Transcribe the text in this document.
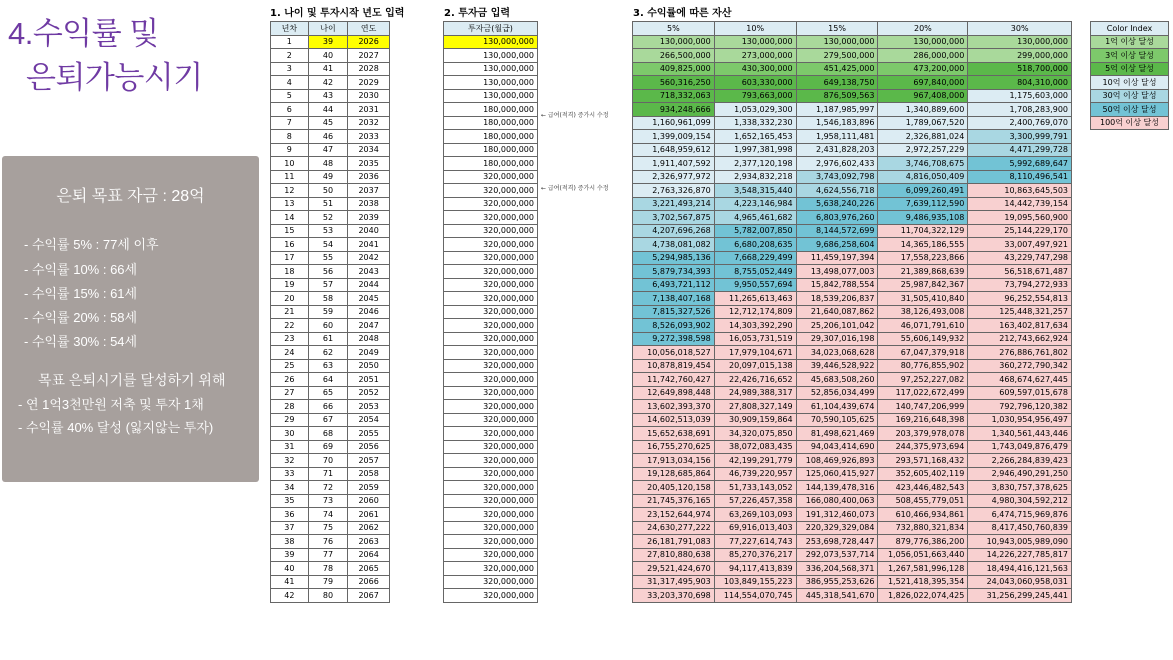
4.수익률 및

은퇴가능시기
은퇴 목표 자금 : 28억
- 수익률 5% : 77세 이후
- 수익률 10% : 66세
- 수익률 15% : 61세
- 수익률 20% : 58세
- 수익률 30% : 54세
목표 은퇴시기를 달성하기 위해
- 연 1억3천만원 저축 및 투자 1채
- 수익률 40% 달성 (잃지않는 투자)
1. 나이 및 투자시작 년도 입력	2. 투자금 입력	3. 수익률에 따른 자산
년차	나이	연도
1	39	2026
2	40	2027
3	41	2028
4	42	2029
5	43	2030
6	44	2031
7	45	2032
8	46	2033
9	47	2034
10	48	2035
11	49	2036
12	50	2037
13	51	2038
14	52	2039
15	53	2040
16	54	2041
17	55	2042
18	56	2043
19	57	2044
20	58	2045
21	59	2046
22	60	2047
23	61	2048
24	62	2049
25	63	2050
26	64	2051
27	65	2052
28	66	2053
29	67	2054
30	68	2055
31	69	2056
32	70	2057
33	71	2058
34	72	2059
35	73	2060
36	74	2061
37	75	2062
38	76	2063
39	77	2064
40	78	2065
41	79	2066
42	80	2067
투자금(월급)
130,000,000
130,000,000
130,000,000
130,000,000
130,000,000
180,000,000
180,000,000
180,000,000
180,000,000
180,000,000
320,000,000
320,000,000
320,000,000
320,000,000
320,000,000
320,000,000
320,000,000
320,000,000
320,000,000
320,000,000
320,000,000
320,000,000
320,000,000
320,000,000
320,000,000
320,000,000
320,000,000
320,000,000
320,000,000
320,000,000
320,000,000
320,000,000
320,000,000
320,000,000
320,000,000
320,000,000
320,000,000
320,000,000
320,000,000
320,000,000
320,000,000
320,000,000
← 급여(적격) 증가시 수정
← 급여(적격) 증가시 수정
5%	10%	15%	20%	30%
130,000,000	130,000,000	130,000,000	130,000,000	130,000,000
266,500,000	273,000,000	279,500,000	286,000,000	299,000,000
409,825,000	430,300,000	451,425,000	473,200,000	518,700,000
560,316,250	603,330,000	649,138,750	697,840,000	804,310,000
718,332,063	793,663,000	876,509,563	967,408,000	1,175,603,000
934,248,666	1,053,029,300	1,187,985,997	1,340,889,600	1,708,283,900
1,160,961,099	1,338,332,230	1,546,183,896	1,789,067,520	2,400,769,070
1,399,009,154	1,652,165,453	1,958,111,481	2,326,881,024	3,300,999,791
1,648,959,612	1,997,381,998	2,431,828,203	2,972,257,229	4,471,299,728
1,911,407,592	2,377,120,198	2,976,602,433	3,746,708,675	5,992,689,647
2,326,977,972	2,934,832,218	3,743,092,798	4,816,050,409	8,110,496,541
2,763,326,870	3,548,315,440	4,624,556,718	6,099,260,491	10,863,645,503
3,221,493,214	4,223,146,984	5,638,240,226	7,639,112,590	14,442,739,154
3,702,567,875	4,965,461,682	6,803,976,260	9,486,935,108	19,095,560,900
4,207,696,268	5,782,007,850	8,144,572,699	11,704,322,129	25,144,229,170
4,738,081,082	6,680,208,635	9,686,258,604	14,365,186,555	33,007,497,921
5,294,985,136	7,668,229,499	11,459,197,394	17,558,223,866	43,229,747,298
5,879,734,393	8,755,052,449	13,498,077,003	21,389,868,639	56,518,671,487
6,493,721,112	9,950,557,694	15,842,788,554	25,987,842,367	73,794,272,933
7,138,407,168	11,265,613,463	18,539,206,837	31,505,410,840	96,252,554,813
7,815,327,526	12,712,174,809	21,640,087,862	38,126,493,008	125,448,321,257
8,526,093,902	14,303,392,290	25,206,101,042	46,071,791,610	163,402,817,634
9,272,398,598	16,053,731,519	29,307,016,198	55,606,149,932	212,743,662,924
10,056,018,527	17,979,104,671	34,023,068,628	67,047,379,918	276,886,761,802
10,878,819,454	20,097,015,138	39,446,528,922	80,776,855,902	360,272,790,342
11,742,760,427	22,426,716,652	45,683,508,260	97,252,227,082	468,674,627,445
12,649,898,448	24,989,388,317	52,856,034,499	117,022,672,499	609,597,015,678
13,602,393,370	27,808,327,149	61,104,439,674	140,747,206,999	792,796,120,382
14,602,513,039	30,909,159,864	70,590,105,625	169,216,648,398	1,030,954,956,497
15,652,638,691	34,320,075,850	81,498,621,469	203,379,978,078	1,340,561,443,446
16,755,270,625	38,072,083,435	94,043,414,690	244,375,973,694	1,743,049,876,479
17,913,034,156	42,199,291,779	108,469,926,893	293,571,168,432	2,266,284,839,423
19,128,685,864	46,739,220,957	125,060,415,927	352,605,402,119	2,946,490,291,250
20,405,120,158	51,733,143,052	144,139,478,316	423,446,482,543	3,830,757,378,625
21,745,376,165	57,226,457,358	166,080,400,063	508,455,779,051	4,980,304,592,212
23,152,644,974	63,269,103,093	191,312,460,073	610,466,934,861	6,474,715,969,876
24,630,277,222	69,916,013,403	220,329,329,084	732,880,321,834	8,417,450,760,839
26,181,791,083	77,227,614,743	253,698,728,447	879,776,386,200	10,943,005,989,090
27,810,880,638	85,270,376,217	292,073,537,714	1,056,051,663,440	14,226,227,785,817
29,521,424,670	94,117,413,839	336,204,568,371	1,267,581,996,128	18,494,416,121,563
31,317,495,903	103,849,155,223	386,955,253,626	1,521,418,395,354	24,043,060,958,031
33,203,370,698	114,554,070,745	445,318,541,670	1,826,022,074,425	31,256,299,245,441
Color Index
1억 이상 달성
3억 이상 달성
5억 이상 달성
10억 이상 달성
30억 이상 달성
50억 이상 달성
100억 이상 달성
